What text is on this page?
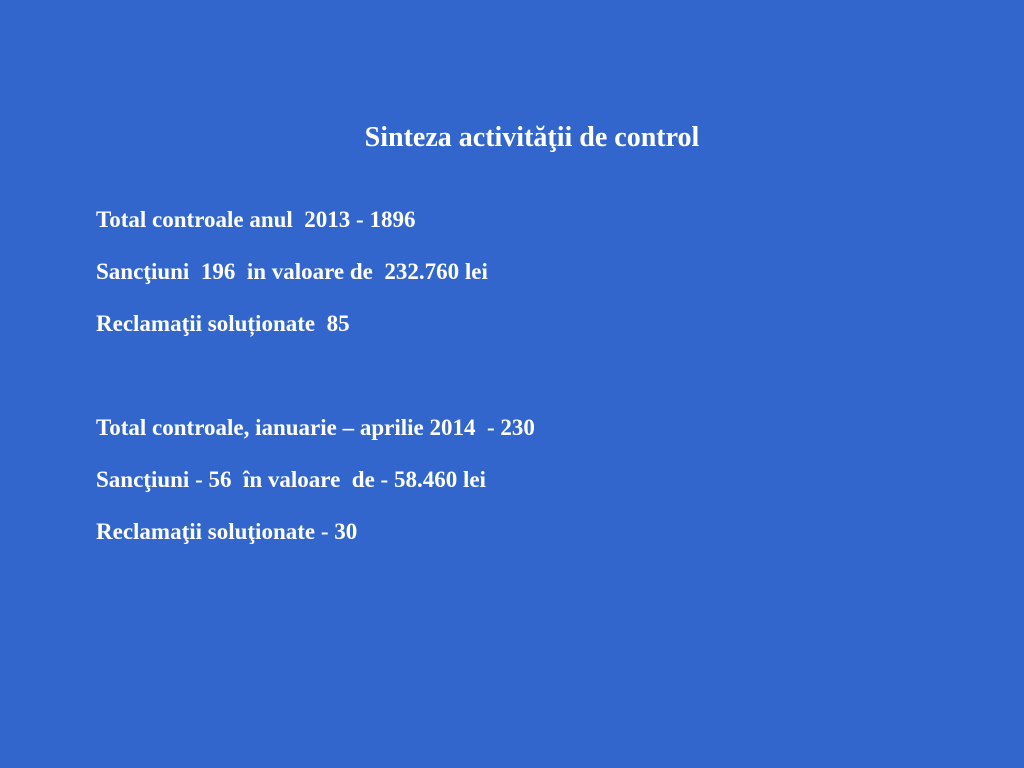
Sinteza activităţii de control
Total controale anul  2013 - 1896
Sancţiuni  196  in valoare de  232.760 lei
Reclamaţii soluționate  85
Total controale, ianuarie – aprilie 2014  - 230
Sancţiuni - 56  în valoare  de - 58.460 lei
Reclamaţii soluţionate - 30
